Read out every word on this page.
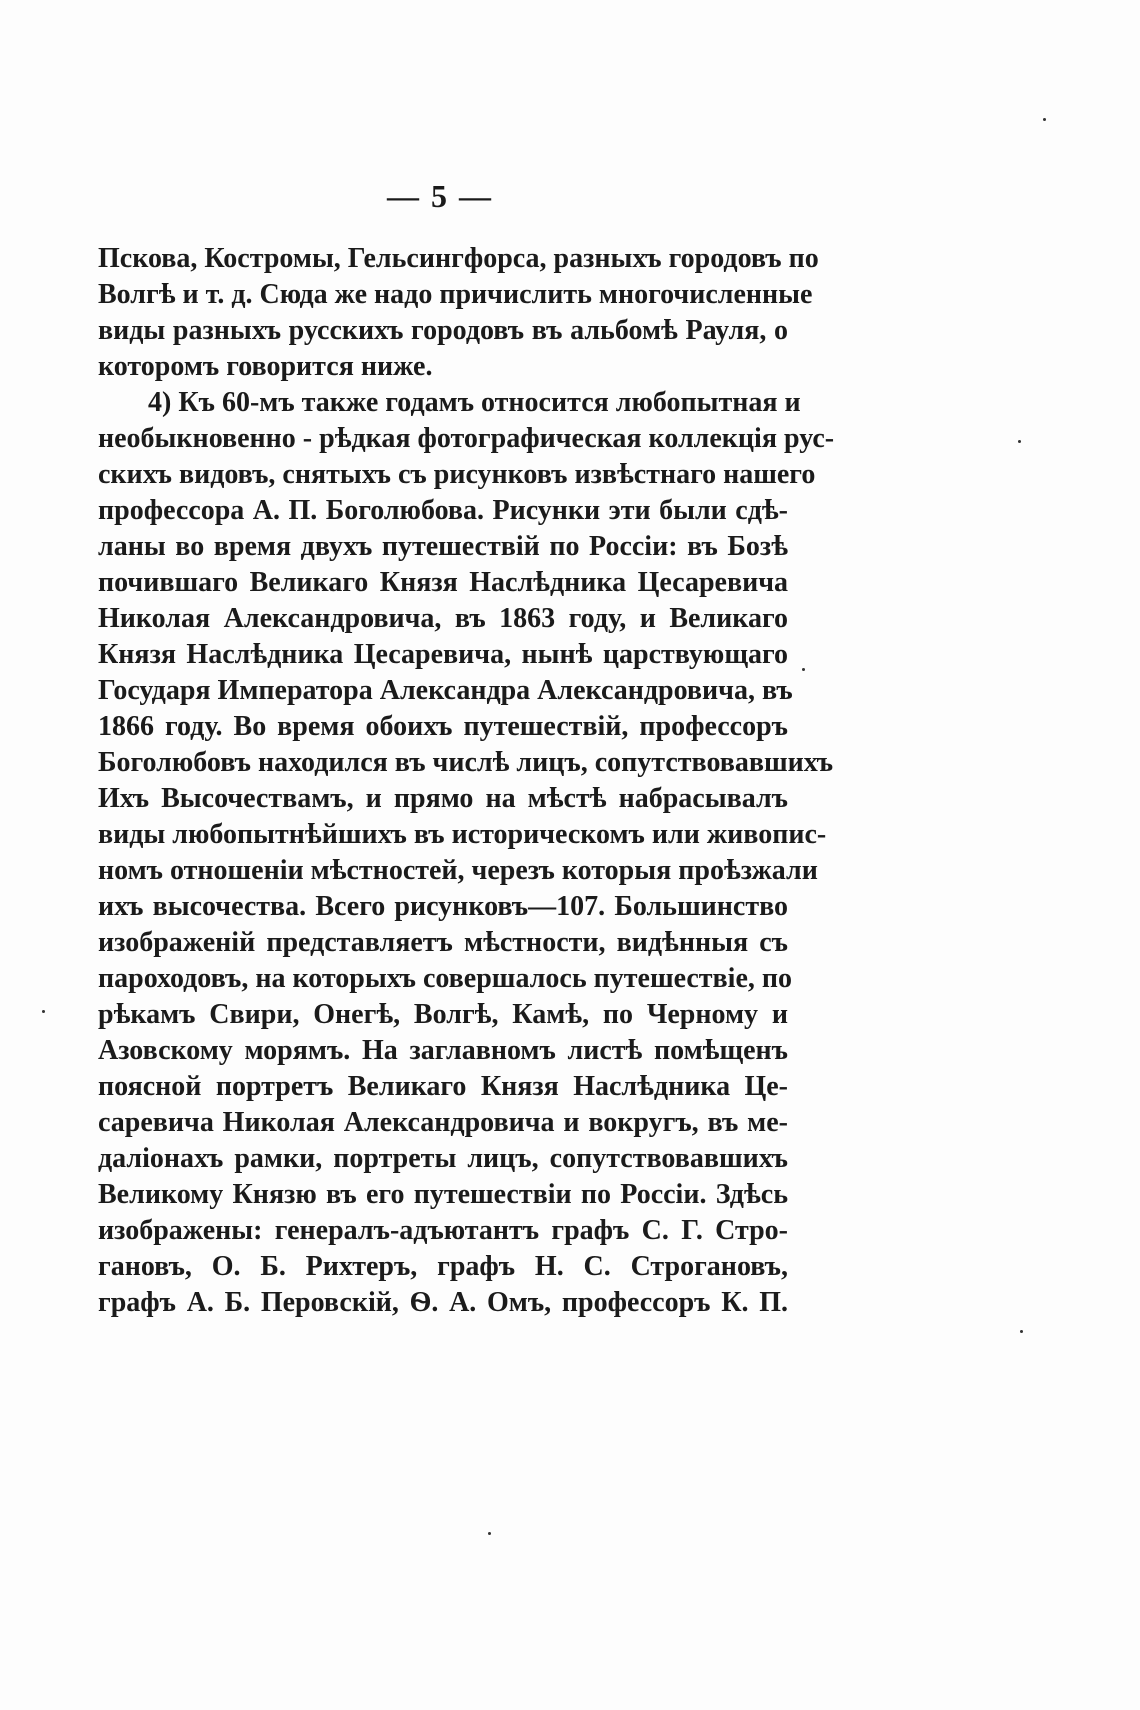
— 5 —
Пскова, Костромы, Гельсингфорса, разныхъ городовъ по
Волгѣ и т. д. Сюда же надо причислить многочисленные
виды разныхъ русскихъ городовъ въ альбомѣ Рауля, о
которомъ говорится ниже.
4) Къ 60-мъ также годамъ относится любопытная и
необыкновенно - рѣдкая фотографическая коллекція рус-
скихъ видовъ, снятыхъ съ рисунковъ извѣстнаго нашего
профессора А. П. Боголюбова. Рисунки эти были сдѣ-
ланы во время двухъ путешествій по Россіи: въ Бозѣ
почившаго Великаго Князя Наслѣдника Цесаревича
Николая Александровича, въ 1863 году, и Великаго
Князя Наслѣдника Цесаревича, нынѣ царствующаго
Государя Императора Александра Александровича, въ
1866 году. Во время обоихъ путешествій, профессоръ
Боголюбовъ находился въ числѣ лицъ, сопутствовавшихъ
Ихъ Высочествамъ, и прямо на мѣстѣ набрасывалъ
виды любопытнѣйшихъ въ историческомъ или живопис-
номъ отношеніи мѣстностей, черезъ которыя проѣзжали
ихъ высочества. Всего рисунковъ—107. Большинство
изображеній представляетъ мѣстности, видѣнныя съ
пароходовъ, на которыхъ совершалось путешествіе, по
рѣкамъ Свири, Онегѣ, Волгѣ, Камѣ, по Черному и
Азовскому морямъ. На заглавномъ листѣ помѣщенъ
поясной портретъ Великаго Князя Наслѣдника Це-
саревича Николая Александровича и вокругъ, въ ме-
даліонахъ рамки, портреты лицъ, сопутствовавшихъ
Великому Князю въ его путешествіи по Россіи. Здѣсь
изображены: генералъ-адъютантъ графъ С. Г. Стро-
гановъ, О. Б. Рихтеръ, графъ Н. С. Строгановъ,
графъ А. Б. Перовскій, Ѳ. А. Омъ, профессоръ К. П.
